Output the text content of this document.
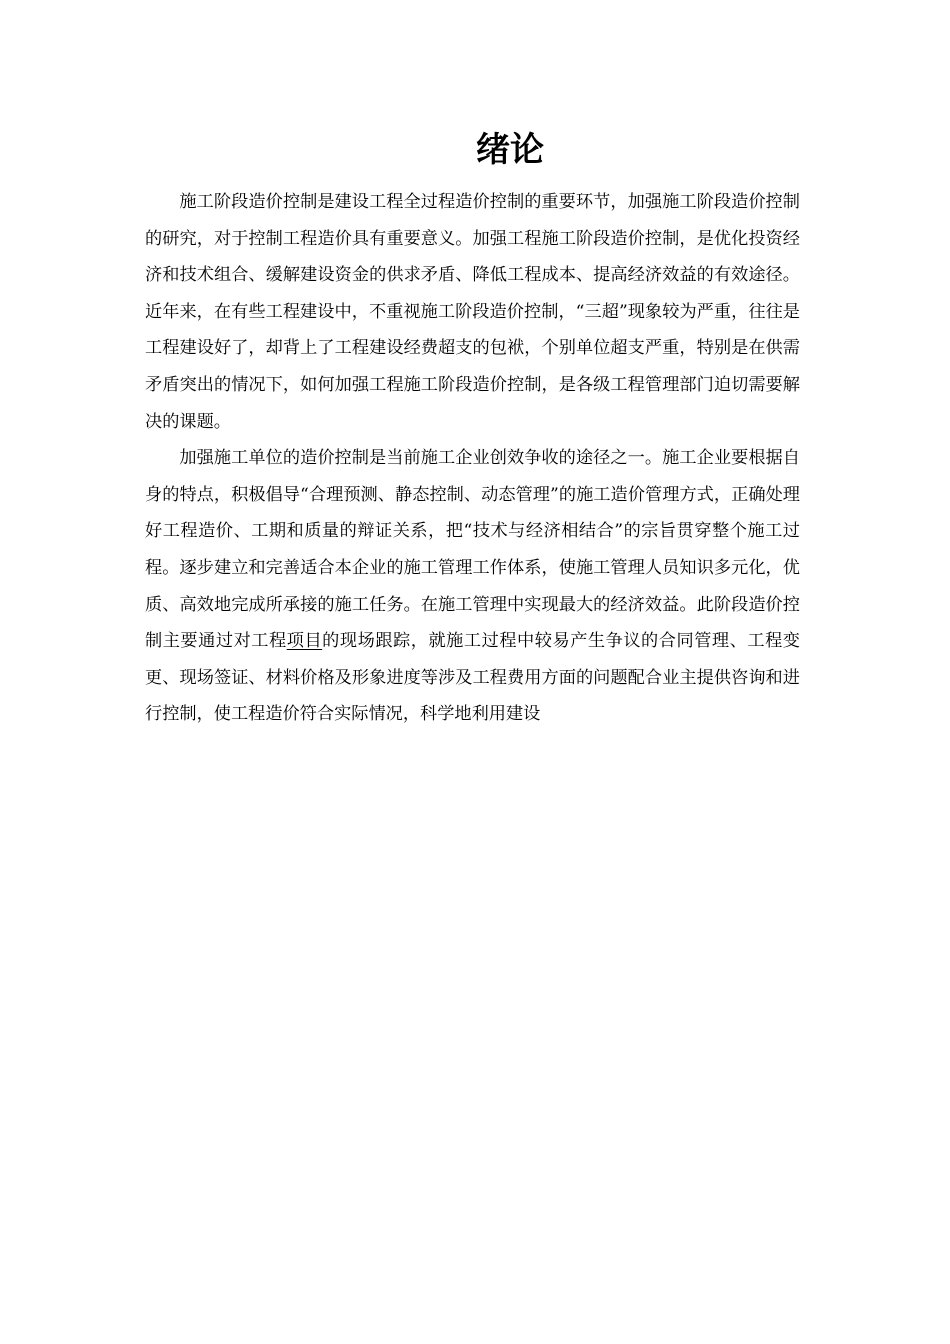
绪论

施工阶段造价控制是建设工程全过程造价控制的重要环节，加强施工阶段造价控制的研究，对于控制工程造价具有重要意义。加强工程施工阶段造价控制，是优化投资经济和技术组合、缓解建设资金的供求矛盾、降低工程成本、提高经济效益的有效途径。近年来，在有些工程建设中，不重视施工阶段造价控制，“三超”现象较为严重，往往是工程建设好了，却背上了工程建设经费超支的包袱，个别单位超支严重，特别是在供需矛盾突出的情况下，如何加强工程施工阶段造价控制，是各级工程管理部门迫切需要解决的课题。

加强施工单位的造价控制是当前施工企业创效争收的途径之一。施工企业要根据自身的特点，积极倡导“合理预测、静态控制、动态管理”的施工造价管理方式，正确处理好工程造价、工期和质量的辩证关系，把“技术与经济相结合”的宗旨贯穿整个施工过程。逐步建立和完善适合本企业的施工管理工作体系，使施工管理人员知识多元化，优质、高效地完成所承接的施工任务。在施工管理中实现最大的经济效益。此阶段造价控制主要通过对工程项目的现场跟踪，就施工过程中较易产生争议的合同管理、工程变更、现场签证、材料价格及形象进度等涉及工程费用方面的问题配合业主提供咨询和进行控制，使工程造价符合实际情况，科学地利用建设
